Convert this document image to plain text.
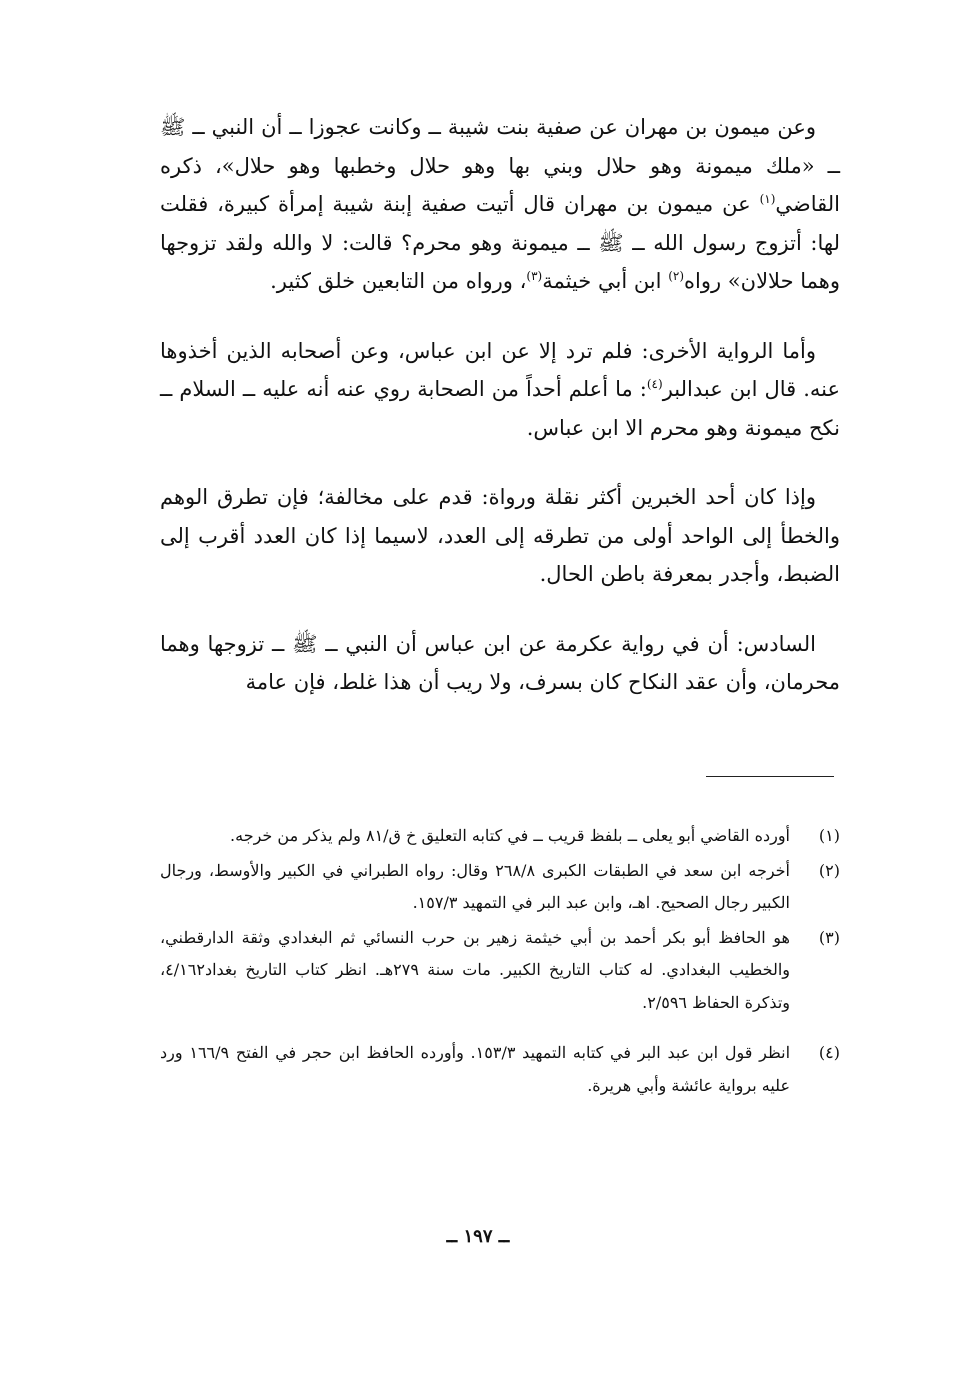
وعن ميمون بن مهران عن صفية بنت شيبة ــ وكانت عجوزا ــ أن النبي ــ ﷺ ــ «ملك ميمونة وهو حلال وبني بها وهو حلال وخطبها وهو حلال»، ذكره القاضي$^{(١)}$ عن ميمون بن مهران قال أتيت صفية إبنة شيبة إمرأة كبيرة، فقلت لها: أتزوج رسول الله ــ ﷺ ــ ميمونة وهو محرم؟ قالت: لا والله ولقد تزوجها وهما حلالان» رواه$^{(٢)}$ ابن أبي خيثمة$^{(٣)}$، ورواه من التابعين خلق كثير.

وأما الرواية الأخرى: فلم ترد إلا عن ابن عباس، وعن أصحابه الذين أخذوها عنه. قال ابن عبدالبر$^{(٤)}$: ما أعلم أحداً من الصحابة روي عنه أنه عليه ــ السلام ــ نكح ميمونة وهو محرم الا ابن عباس.

وإذا كان أحد الخبرين أكثر نقلة ورواة: قدم على مخالفة؛ فإن تطرق الوهم والخطأ إلى الواحد أولى من تطرقه إلى العدد، لاسيما إذا كان العدد أقرب إلى الضبط، وأجدر بمعرفة باطن الحال.

السادس: أن في رواية عكرمة عن ابن عباس أن النبي ــ ﷺ ــ تزوجها وهما محرمان، وأن عقد النكاح كان بسرف، ولا ريب أن هذا غلط، فإن عامة

(١)
أورده القاضي أبو يعلى ــ بلفظ قريب ــ في كتابه التعليق خ ق/٨١ ولم يذكر من خرجه.
(٢)
أخرجه ابن سعد في الطبقات الكبرى ٢٦٨/٨ وقال: رواه الطبراني في الكبير والأوسط، ورجال الكبير رجال الصحيح. اهـ، وابن عبد البر في التمهيد ١٥٧/٣.
(٣)
هو الحافظ أبو بكر أحمد بن أبي خيثمة زهير بن حرب النسائي ثم البغدادي وثقة الدارقطني، والخطيب البغدادي. له كتاب التاريخ الكبير. مات سنة ٢٧٩هـ. انظر كتاب التاريخ بغداد٤/١٦٢، وتذكرة الحفاظ ٢/٥٩٦.
(٤)
انظر قول ابن عبد البر في كتابه التمهيد ١٥٣/٣. وأورده الحافظ ابن حجر في الفتح ١٦٦/٩ ورد عليه برواية عائشة وأبي هريرة.
ــ ١٩٧ ــ
